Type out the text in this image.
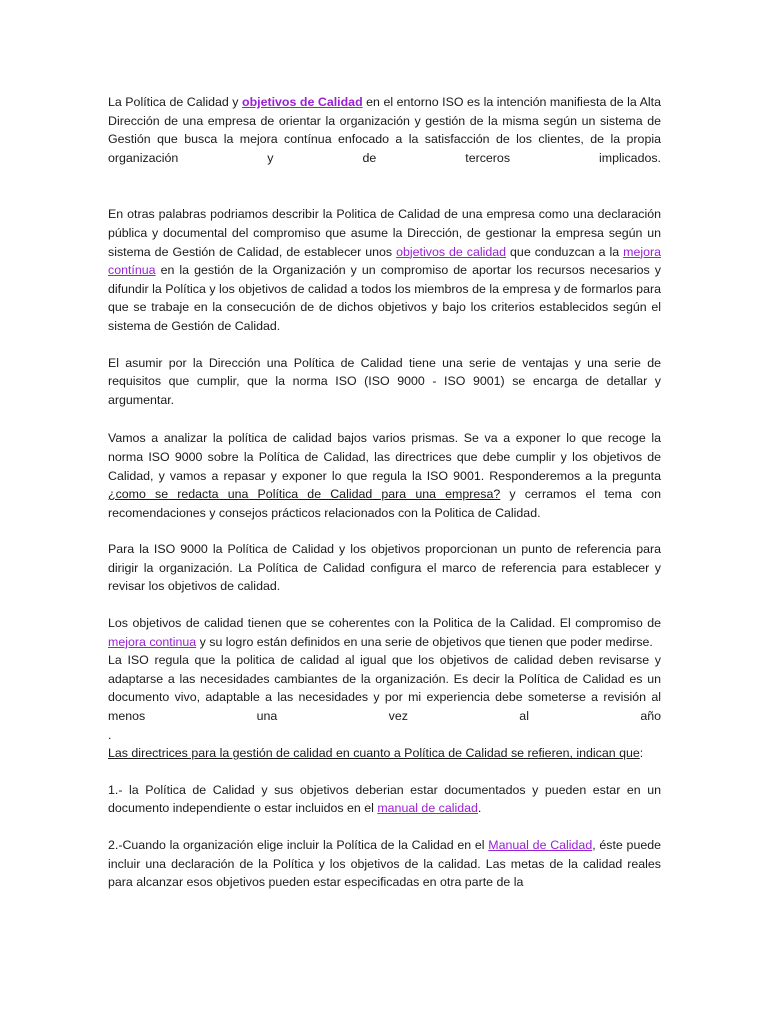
La Política de Calidad y objetivos de Calidad en el entorno ISO es la intención manifiesta de la Alta Dirección de una empresa de orientar la organización y gestión de la misma según un sistema de Gestión que busca la mejora contínua enfocado a la satisfacción de los clientes, de la propia organización y de terceros implicados.

En otras palabras podriamos describir la Politica de Calidad de una empresa como una declaración pública y documental del compromiso que asume la Dirección, de gestionar la empresa según un sistema de Gestión de Calidad, de establecer unos objetivos de calidad que conduzcan a la mejora contínua en la gestión de la Organización y un compromiso de aportar los recursos necesarios y difundir la Política y los objetivos de calidad a todos los miembros de la empresa y de formarlos para que se trabaje en la consecución de de dichos objetivos y bajo los criterios establecidos según el sistema de Gestión de Calidad.

El asumir por la Dirección una Política de Calidad tiene una serie de ventajas y una serie de requisitos que cumplir, que la norma ISO (ISO 9000 - ISO 9001) se encarga de detallar y argumentar.

Vamos a analizar la política de calidad bajos varios prismas. Se va a exponer lo que recoge la norma ISO 9000 sobre la Política de Calidad, las directrices que debe cumplir y los objetivos de Calidad, y vamos a repasar y exponer lo que regula la ISO 9001. Responderemos a la pregunta ¿como se redacta una Política de Calidad para una empresa? y cerramos el tema con recomendaciones y consejos prácticos relacionados con la Politica de Calidad.

Para la ISO 9000 la Política de Calidad y los objetivos proporcionan un punto de referencia para dirigir la organización. La Política de Calidad configura el marco de referencia para establecer y revisar los objetivos de calidad.

Los objetivos de calidad tienen que se coherentes con la Politica de la Calidad. El compromiso de mejora continua y su logro están definidos en una serie de objetivos que tienen que poder medirse.

La ISO regula que la politica de calidad al igual que los objetivos de calidad deben revisarse y adaptarse a las necesidades cambiantes de la organización. Es decir la Política de Calidad es un documento vivo, adaptable a las necesidades y por mi experiencia debe someterse a revisión al menos una vez al año

.

Las directrices para la gestión de calidad en cuanto a Política de Calidad se refieren, indican que:

1.- la Política de Calidad y sus objetivos deberian estar documentados y pueden estar en un documento independiente o estar incluidos en el manual de calidad.

2.-Cuando la organización elige incluir la Política de la Calidad en el Manual de Calidad, éste puede incluir una declaración de la Política y los objetivos de la calidad. Las metas de la calidad reales para alcanzar esos objetivos pueden estar especificadas en otra parte de la
